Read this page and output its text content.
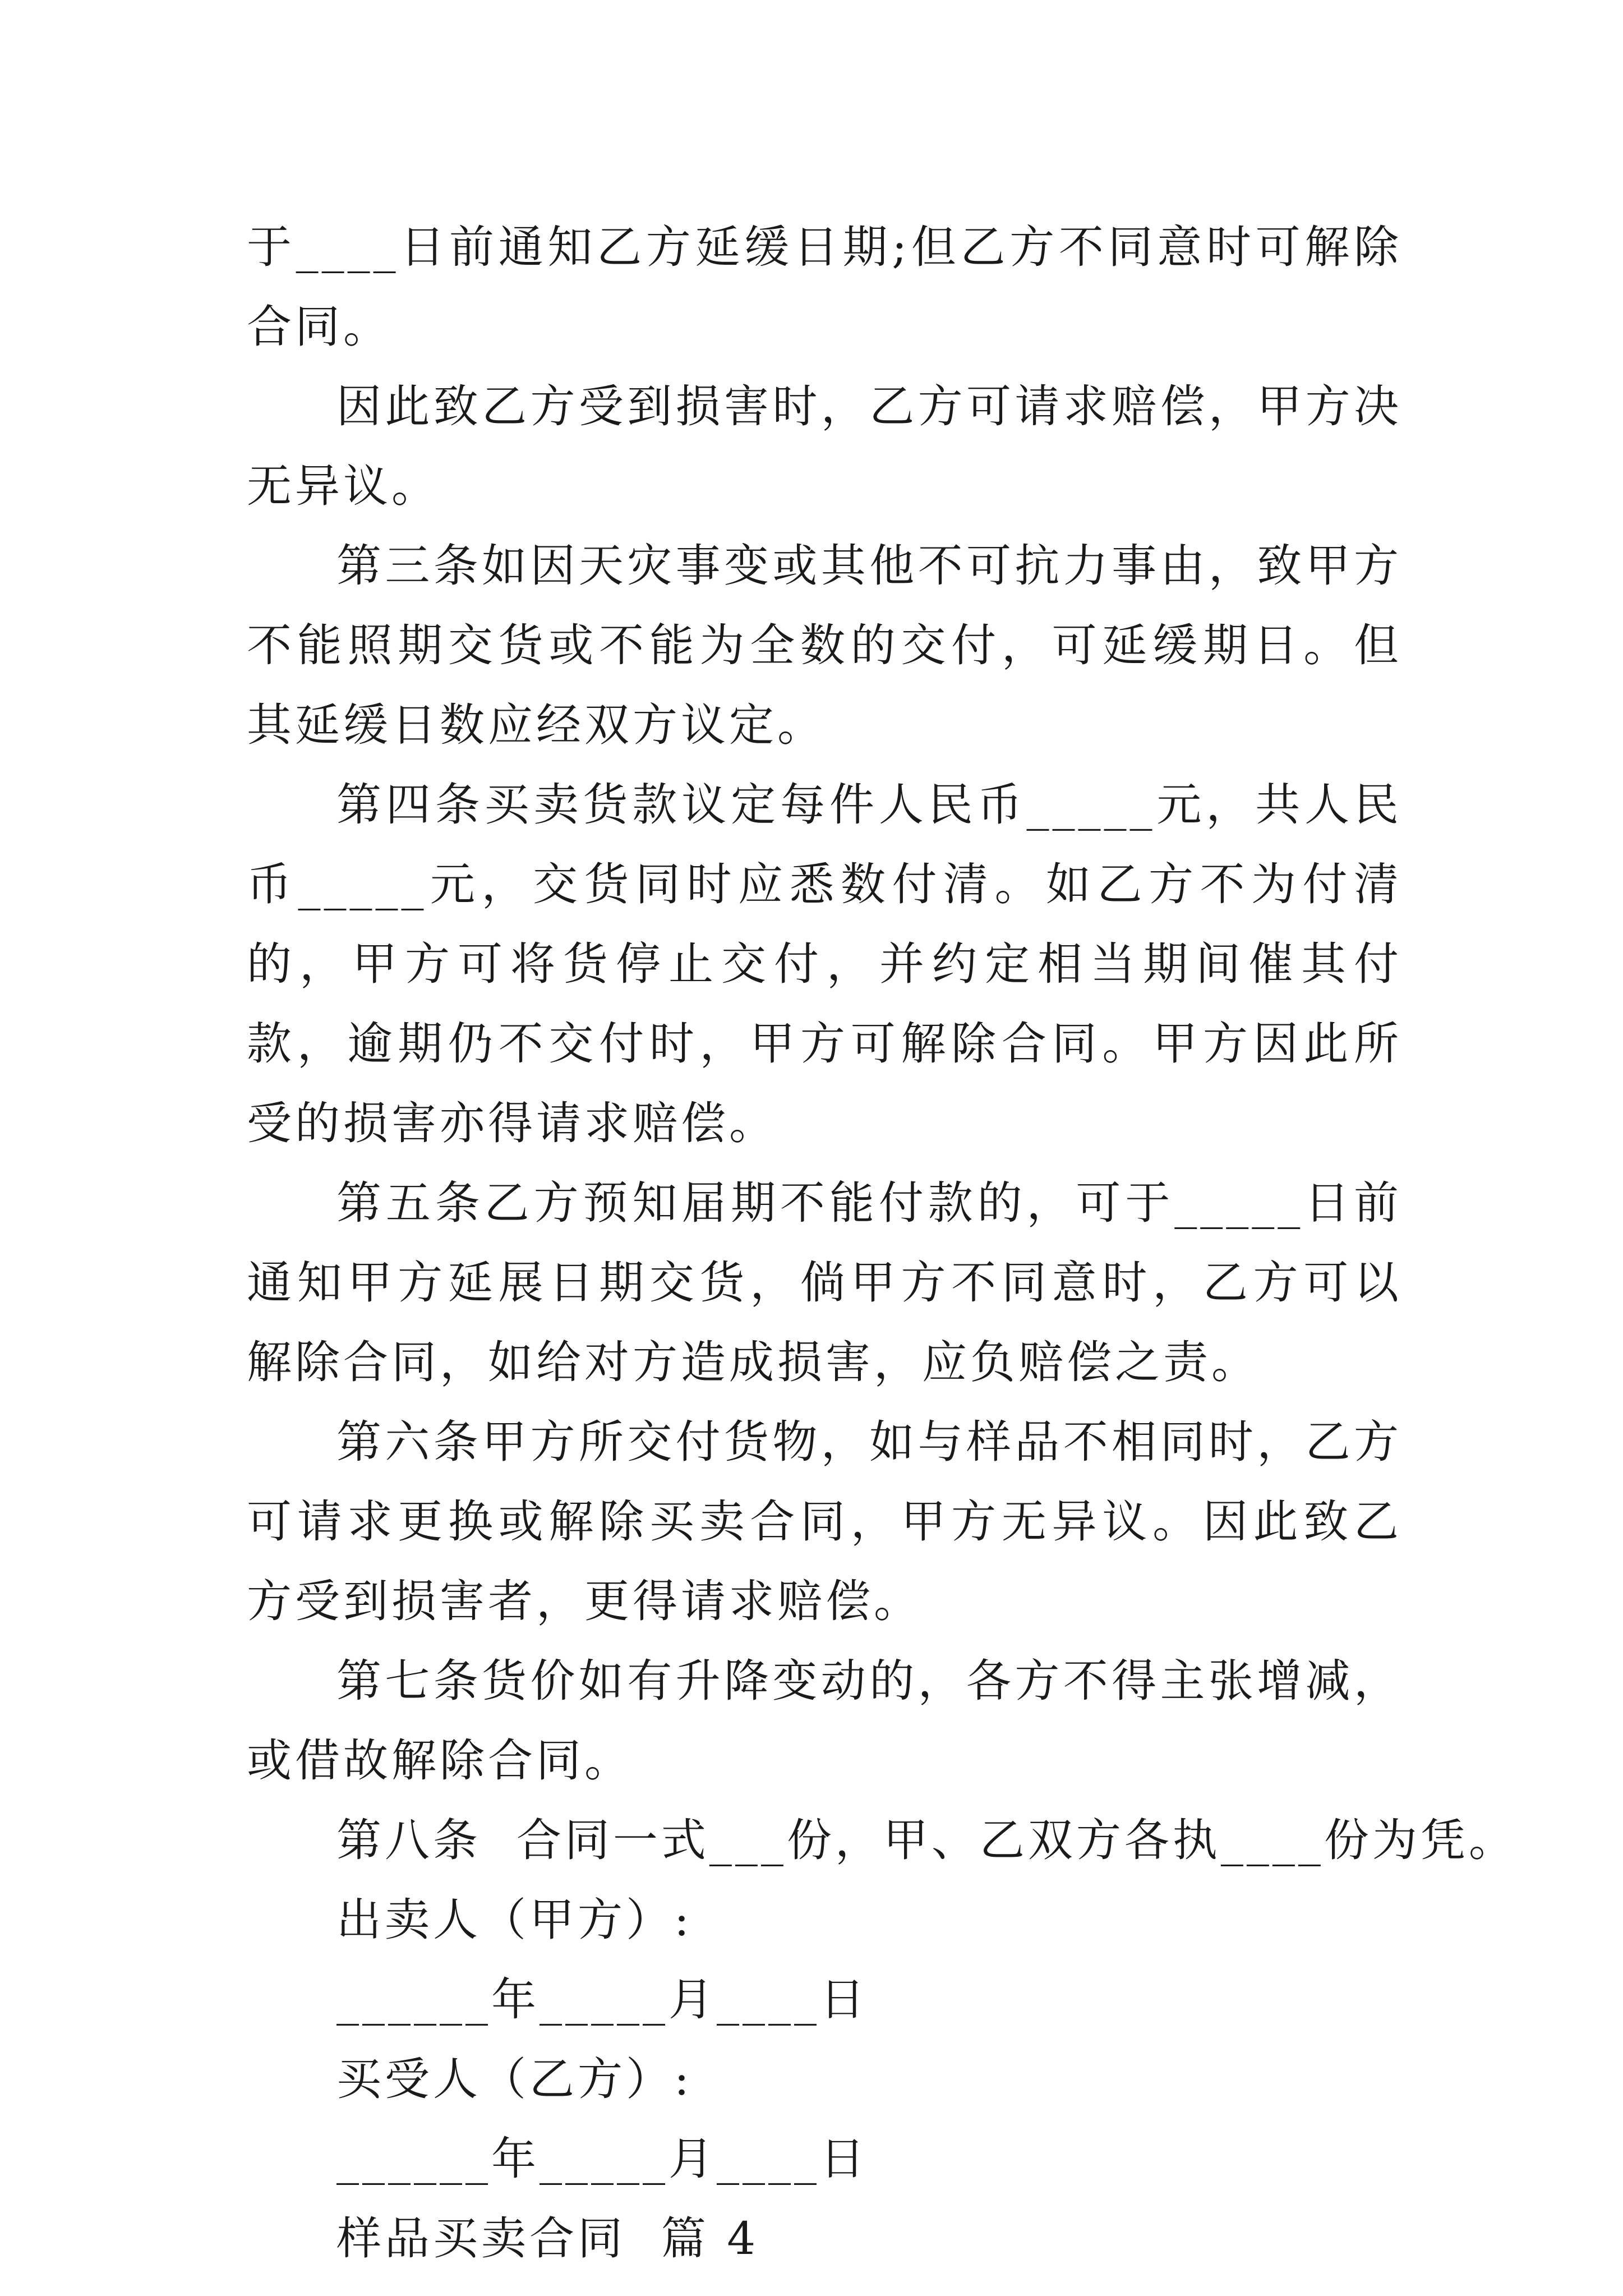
于____日前通知乙方延缓日期;但乙方不同意时可解除合同。

因此致乙方受到损害时，乙方可请求赔偿，甲方决无异议。

第三条如因天灾事变或其他不可抗力事由，致甲方不能照期交货或不能为全数的交付，可延缓期日。但其延缓日数应经双方议定。

第四条买卖货款议定每件人民币_____元，共人民币_____元，交货同时应悉数付清。如乙方不为付清的，甲方可将货停止交付，并约定相当期间催其付款，逾期仍不交付时，甲方可解除合同。甲方因此所受的损害亦得请求赔偿。

第五条乙方预知届期不能付款的，可于_____日前通知甲方延展日期交货，倘甲方不同意时，乙方可以解除合同，如给对方造成损害，应负赔偿之责。

第六条甲方所交付货物，如与样品不相同时，乙方可请求更换或解除买卖合同，甲方无异议。因此致乙方受到损害者，更得请求赔偿。

第七条货价如有升降变动的，各方不得主张增减，或借故解除合同。

第八条  合同一式___份，甲、乙双方各执____份为凭。

出卖人（甲方）:

______年_____月____日

买受人（乙方）:

______年_____月____日

样品买卖合同  篇 4
